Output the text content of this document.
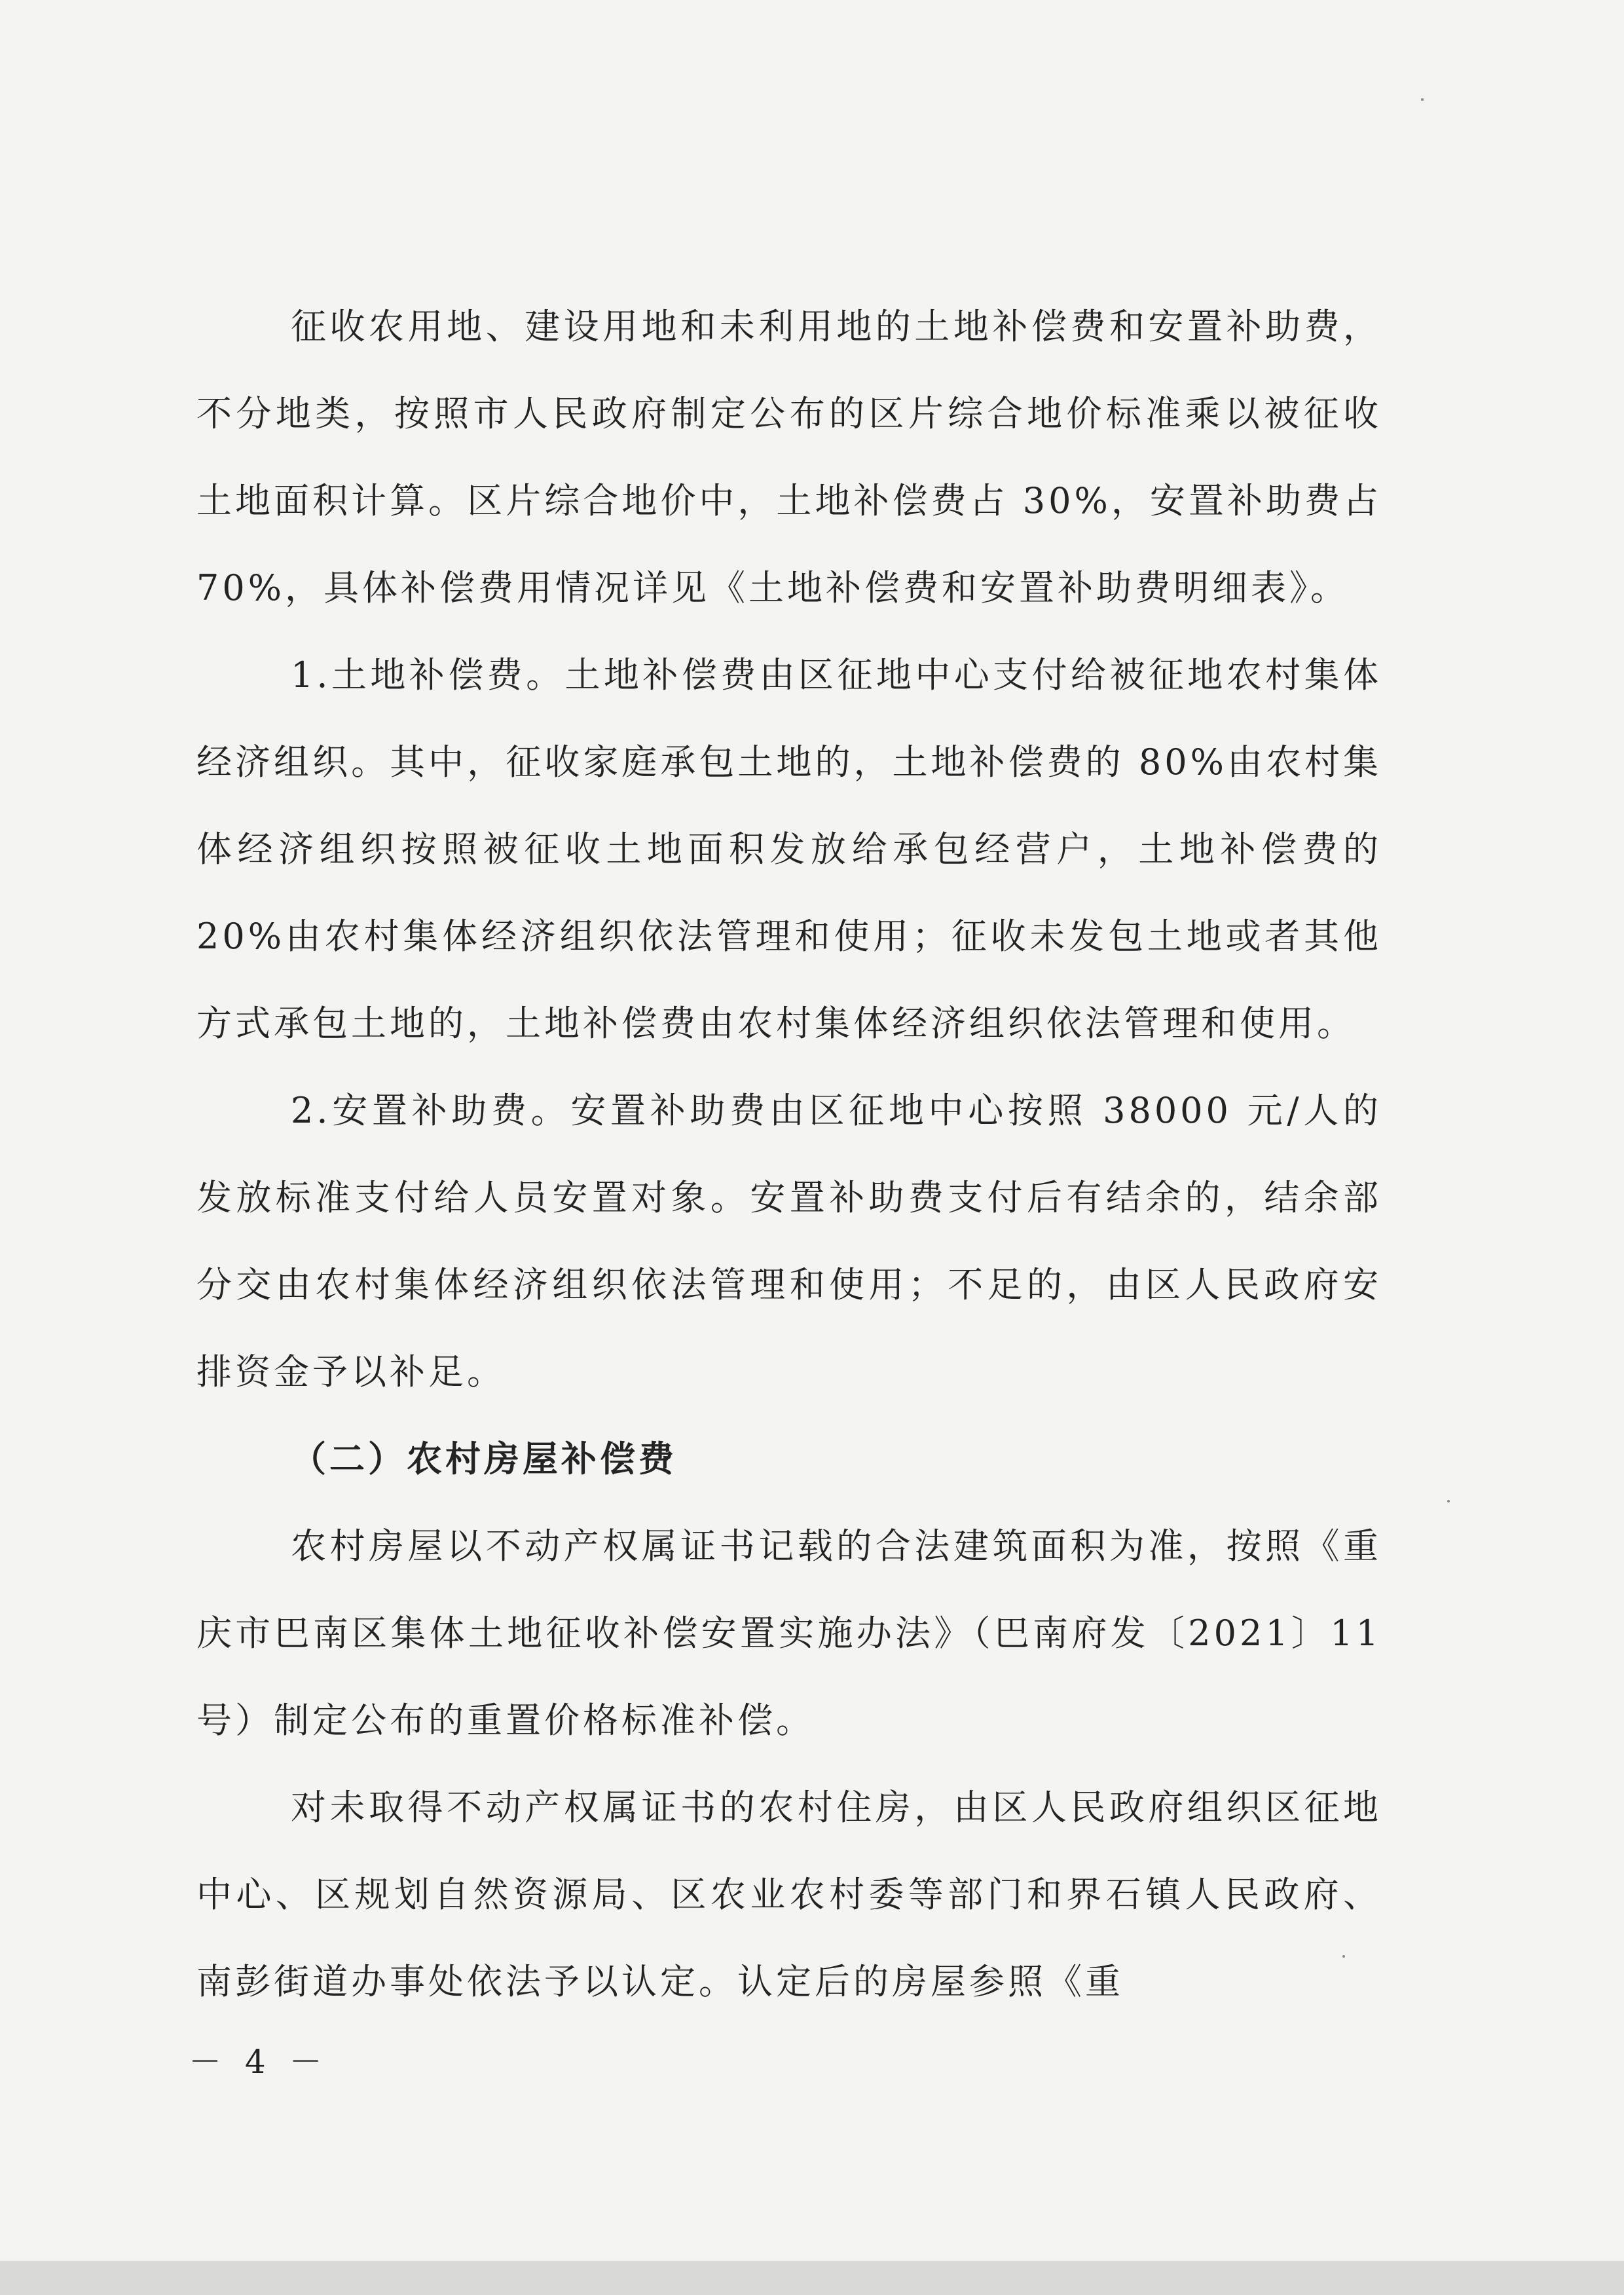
征收农用地、建设用地和未利用地的土地补偿费和安置补助费，不分地类，按照市人民政府制定公布的区片综合地价标准乘以被征收土地面积计算。区片综合地价中，土地补偿费占 30%，安置补助费占 70%，具体补偿费用情况详见《土地补偿费和安置补助费明细表》。

1.土地补偿费。土地补偿费由区征地中心支付给被征地农村集体经济组织。其中，征收家庭承包土地的，土地补偿费的 80%由农村集体经济组织按照被征收土地面积发放给承包经营户，土地补偿费的 20%由农村集体经济组织依法管理和使用；征收未发包土地或者其他方式承包土地的，土地补偿费由农村集体经济组织依法管理和使用。

2.安置补助费。安置补助费由区征地中心按照 38000 元/人的发放标准支付给人员安置对象。安置补助费支付后有结余的，结余部分交由农村集体经济组织依法管理和使用；不足的，由区人民政府安排资金予以补足。

（二）农村房屋补偿费

农村房屋以不动产权属证书记载的合法建筑面积为准，按照《重庆市巴南区集体土地征收补偿安置实施办法》（巴南府发〔2021〕11 号）制定公布的重置价格标准补偿。

对未取得不动产权属证书的农村住房，由区人民政府组织区征地中心、区规划自然资源局、区农业农村委等部门和界石镇人民政府、南彭街道办事处依法予以认定。认定后的房屋参照《重

－ 4 －
